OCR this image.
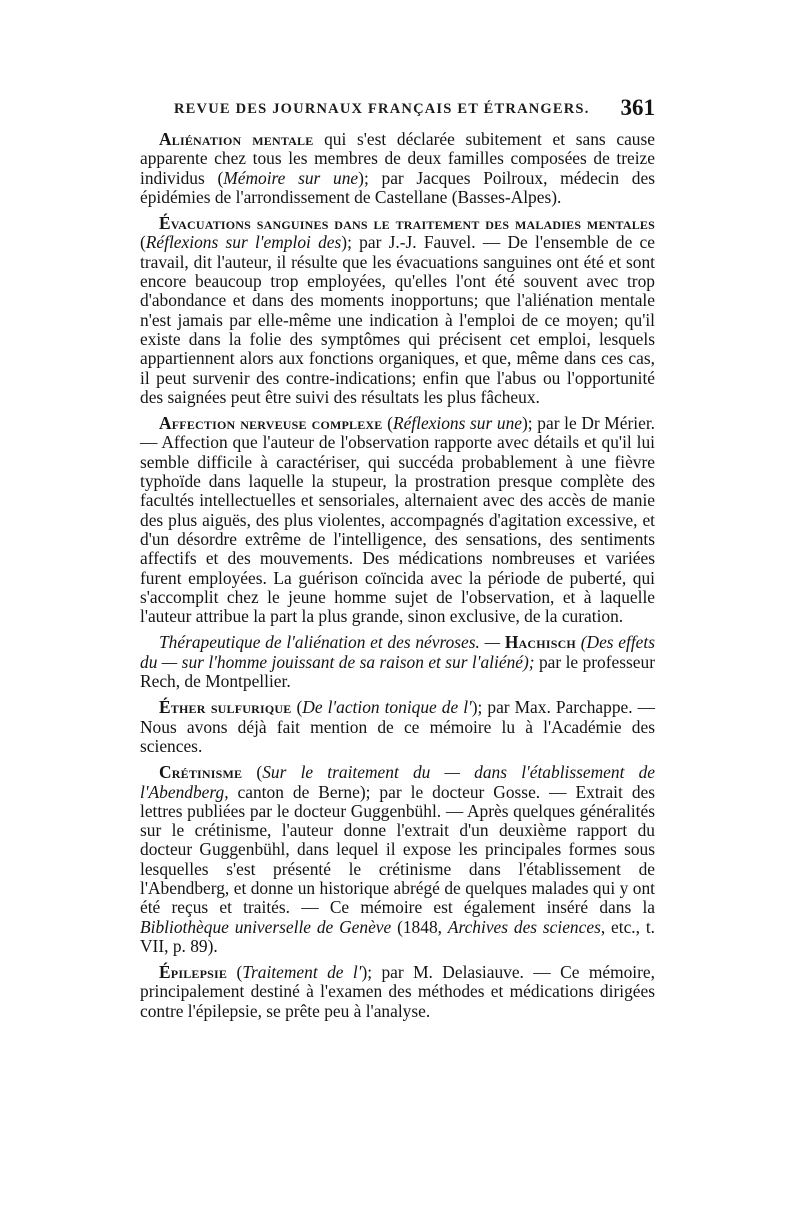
REVUE DES JOURNAUX FRANÇAIS ET ÉTRANGERS. 361

Aliénation mentale qui s'est déclarée subitement et sans cause apparente chez tous les membres de deux familles composées de treize individus (Mémoire sur une); par Jacques Poilroux, médecin des épidémies de l'arrondissement de Castellane (Basses-Alpes).

Évacuations sanguines dans le traitement des maladies mentales (Réflexions sur l'emploi des); par J.-J. Fauvel. — De l'ensemble de ce travail, dit l'auteur, il résulte que les évacuations sanguines ont été et sont encore beaucoup trop employées, qu'elles l'ont été souvent avec trop d'abondance et dans des moments inopportuns; que l'aliénation mentale n'est jamais par elle-même une indication à l'emploi de ce moyen; qu'il existe dans la folie des symptômes qui précisent cet emploi, lesquels appartiennent alors aux fonctions organiques, et que, même dans ces cas, il peut survenir des contre-indications; enfin que l'abus ou l'opportunité des saignées peut être suivi des résultats les plus fâcheux.

Affection nerveuse complexe (Réflexions sur une); par le Dr Mérier. — Affection que l'auteur de l'observation rapporte avec détails et qu'il lui semble difficile à caractériser, qui succéda probablement à une fièvre typhoïde dans laquelle la stupeur, la prostration presque complète des facultés intellectuelles et sensoriales, alternaient avec des accès de manie des plus aiguës, des plus violentes, accompagnés d'agitation excessive, et d'un désordre extrême de l'intelligence, des sensations, des sentiments affectifs et des mouvements. Des médications nombreuses et variées furent employées. La guérison coïncida avec la période de puberté, qui s'accomplit chez le jeune homme sujet de l'observation, et à laquelle l'auteur attribue la part la plus grande, sinon exclusive, de la curation.

Thérapeutique de l'aliénation et des névroses. — Hachisch (Des effets du — sur l'homme jouissant de sa raison et sur l'aliéné); par le professeur Rech, de Montpellier.

Éther sulfurique (De l'action tonique de l'); par Max. Parchappe. — Nous avons déjà fait mention de ce mémoire lu à l'Académie des sciences.

Crétinisme (Sur le traitement du — dans l'établissement de l'Abendberg, canton de Berne); par le docteur Gosse. — Extrait des lettres publiées par le docteur Guggenbühl. — Après quelques généralités sur le crétinisme, l'auteur donne l'extrait d'un deuxième rapport du docteur Guggenbühl, dans lequel il expose les principales formes sous lesquelles s'est présenté le crétinisme dans l'établissement de l'Abendberg, et donne un historique abrégé de quelques malades qui y ont été reçus et traités. — Ce mémoire est également inséré dans la Bibliothèque universelle de Genève (1848, Archives des sciences, etc., t. VII, p. 89).

Épilepsie (Traitement de l'); par M. Delasiauve. — Ce mémoire, principalement destiné à l'examen des méthodes et médications dirigées contre l'épilepsie, se prête peu à l'analyse.
